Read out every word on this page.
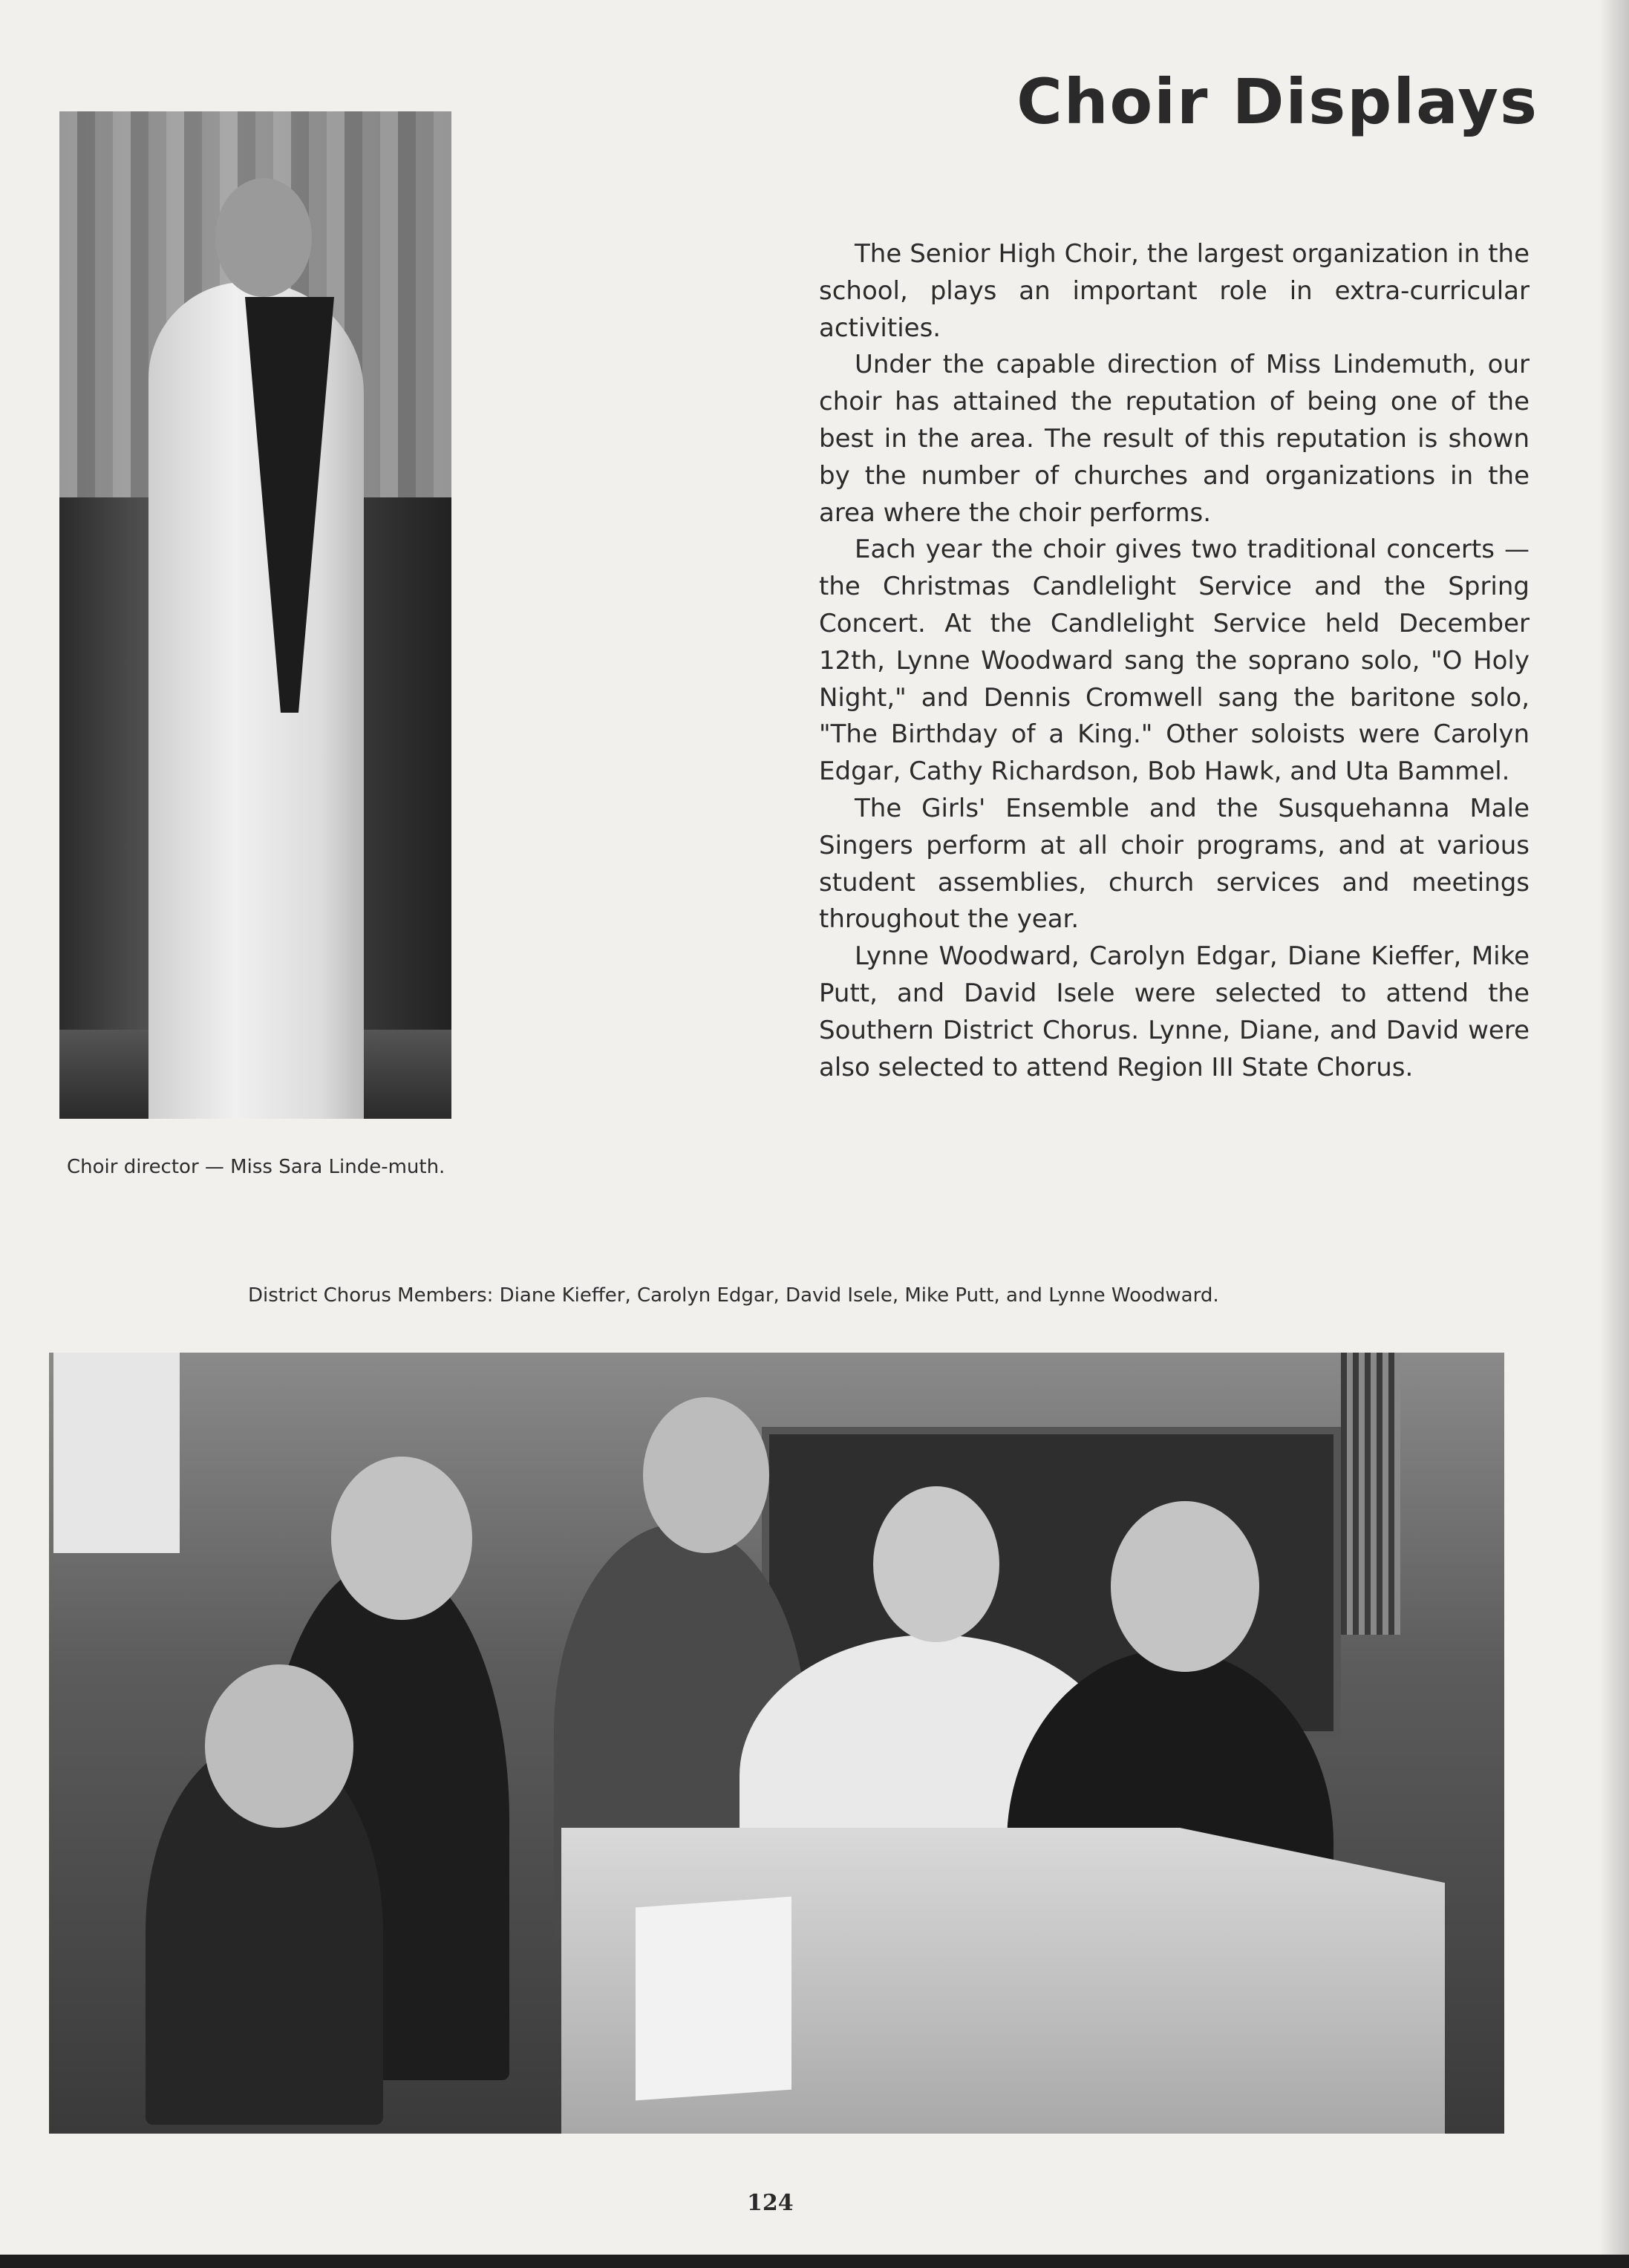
Choir Displays

The Senior High Choir, the largest organization in the school, plays an important role in extra-curricular activities.

Under the capable direction of Miss Lindemuth, our choir has attained the reputation of being one of the best in the area. The result of this reputation is shown by the number of churches and organizations in the area where the choir performs.

Each year the choir gives two traditional concerts — the Christmas Candlelight Service and the Spring Concert. At the Candlelight Service held December 12th, Lynne Woodward sang the soprano solo, "O Holy Night," and Dennis Cromwell sang the baritone solo, "The Birthday of a King." Other soloists were Carolyn Edgar, Cathy Richardson, Bob Hawk, and Uta Bammel.

The Girls' Ensemble and the Susquehanna Male Singers perform at all choir programs, and at various student assemblies, church services and meetings throughout the year.

Lynne Woodward, Carolyn Edgar, Diane Kieffer, Mike Putt, and David Isele were selected to attend the Southern District Chorus. Lynne, Diane, and David were also selected to attend Region III State Chorus.

Choir director — Miss Sara Linde-muth.
District Chorus Members: Diane Kieffer, Carolyn Edgar, David Isele, Mike Putt, and Lynne Woodward.
124
